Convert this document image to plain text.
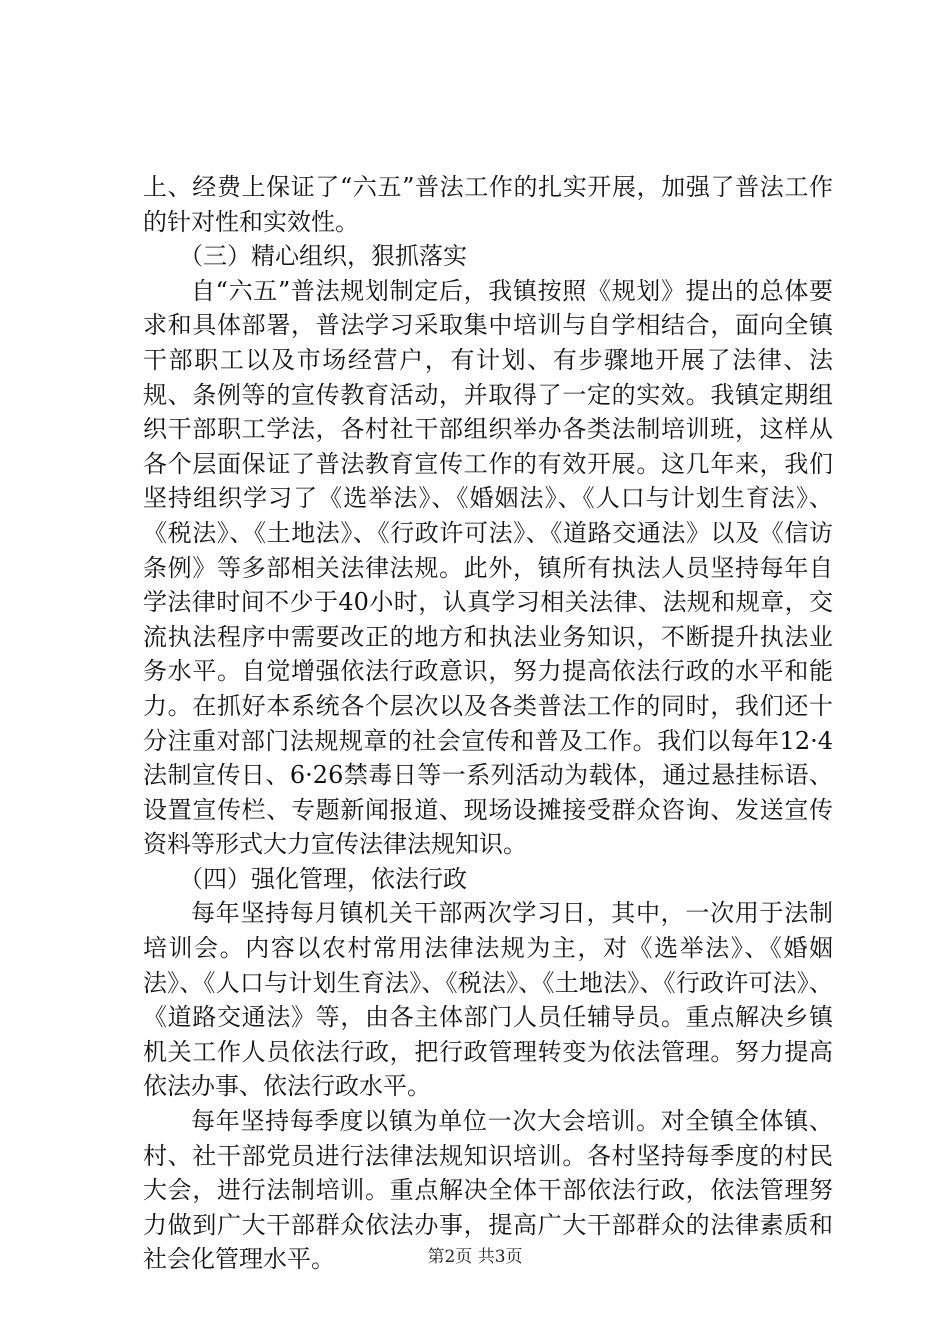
上、经费上保证了“六五”普法工作的扎实开展，加强了普法工作的针对性和实效性。

（三）精心组织，狠抓落实

自“六五”普法规划制定后，我镇按照《规划》提出的总体要求和具体部署，普法学习采取集中培训与自学相结合，面向全镇干部职工以及市场经营户，有计划、有步骤地开展了法律、法规、条例等的宣传教育活动，并取得了一定的实效。我镇定期组织干部职工学法，各村社干部组织举办各类法制培训班，这样从各个层面保证了普法教育宣传工作的有效开展。这几年来，我们坚持组织学习了《选举法》、《婚姻法》、《人口与计划生育法》、《税法》、《土地法》、《行政许可法》、《道路交通法》以及《信访条例》等多部相关法律法规。此外，镇所有执法人员坚持每年自学法律时间不少于40小时，认真学习相关法律、法规和规章，交流执法程序中需要改正的地方和执法业务知识，不断提升执法业务水平。自觉增强依法行政意识，努力提高依法行政的水平和能力。在抓好本系统各个层次以及各类普法工作的同时，我们还十分注重对部门法规规章的社会宣传和普及工作。我们以每年12·4法制宣传日、6·26禁毒日等一系列活动为载体，通过悬挂标语、设置宣传栏、专题新闻报道、现场设摊接受群众咨询、发送宣传资料等形式大力宣传法律法规知识。

（四）强化管理，依法行政

每年坚持每月镇机关干部两次学习日，其中，一次用于法制培训会。内容以农村常用法律法规为主，对《选举法》、《婚姻法》、《人口与计划生育法》、《税法》、《土地法》、《行政许可法》、《道路交通法》等，由各主体部门人员任辅导员。重点解决乡镇机关工作人员依法行政，把行政管理转变为依法管理。努力提高依法办事、依法行政水平。

每年坚持每季度以镇为单位一次大会培训。对全镇全体镇、村、社干部党员进行法律法规知识培训。各村坚持每季度的村民大会，进行法制培训。重点解决全体干部依法行政，依法管理努力做到广大干部群众依法办事，提高广大干部群众的法律素质和社会化管理水平。	第2页 共3页
